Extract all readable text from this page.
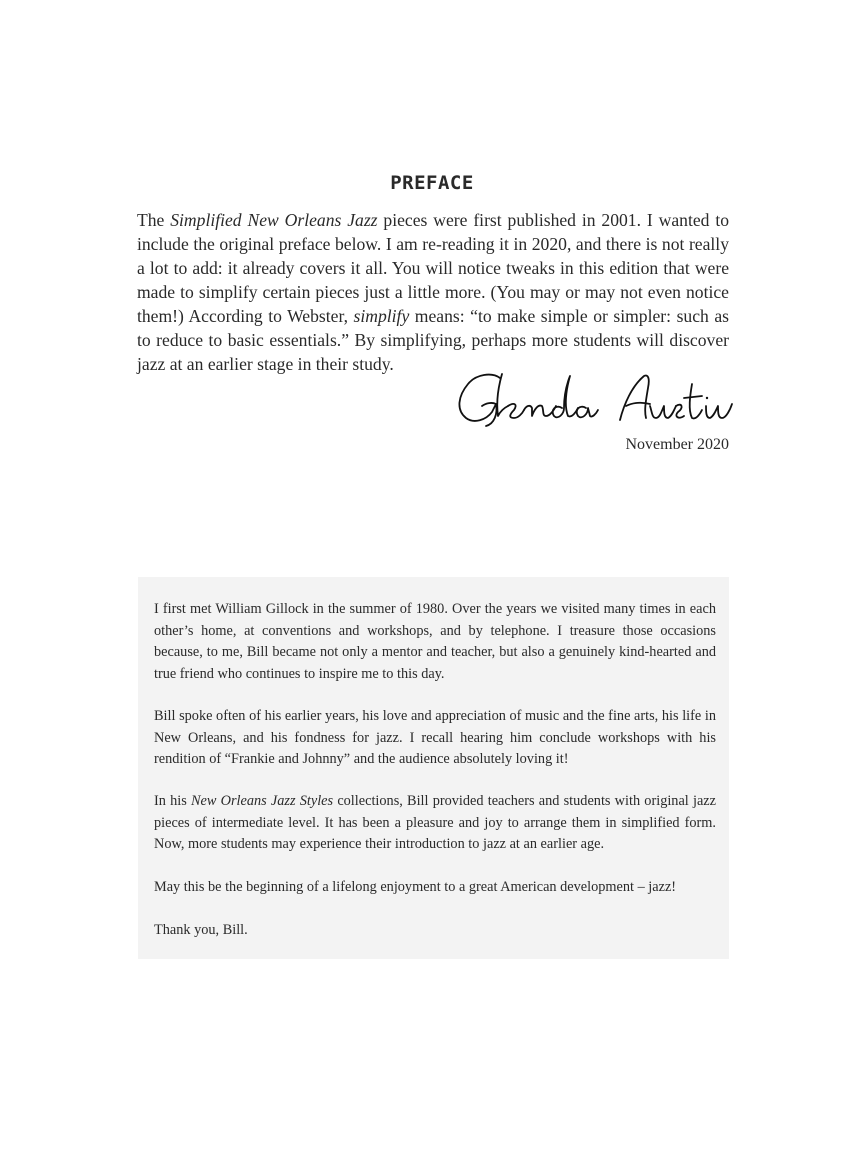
PREFACE

The Simplified New Orleans Jazz pieces were first published in 2001. I wanted to include the original preface below. I am re-reading it in 2020, and there is not really a lot to add: it already covers it all. You will notice tweaks in this edition that were made to simplify certain pieces just a little more. (You may or may not even notice them!) According to Webster, simplify means: “to make simple or simpler: such as to reduce to basic essentials.” By simplifying, perhaps more students will discover jazz at an earlier stage in their study.

November 2020

I first met William Gillock in the summer of 1980. Over the years we visited many times in each other’s home, at conventions and workshops, and by telephone. I treasure those occasions because, to me, Bill became not only a mentor and teacher, but also a genuinely kind-hearted and true friend who continues to inspire me to this day.

Bill spoke often of his earlier years, his love and appreciation of music and the fine arts, his life in New Orleans, and his fondness for jazz. I recall hearing him conclude workshops with his rendition of “Frankie and Johnny” and the audience absolutely loving it!

In his New Orleans Jazz Styles collections, Bill provided teachers and students with original jazz pieces of intermediate level. It has been a pleasure and joy to arrange them in simplified form. Now, more students may experience their introduction to jazz at an earlier age.

May this be the beginning of a lifelong enjoyment to a great American development – jazz!

Thank you, Bill.
